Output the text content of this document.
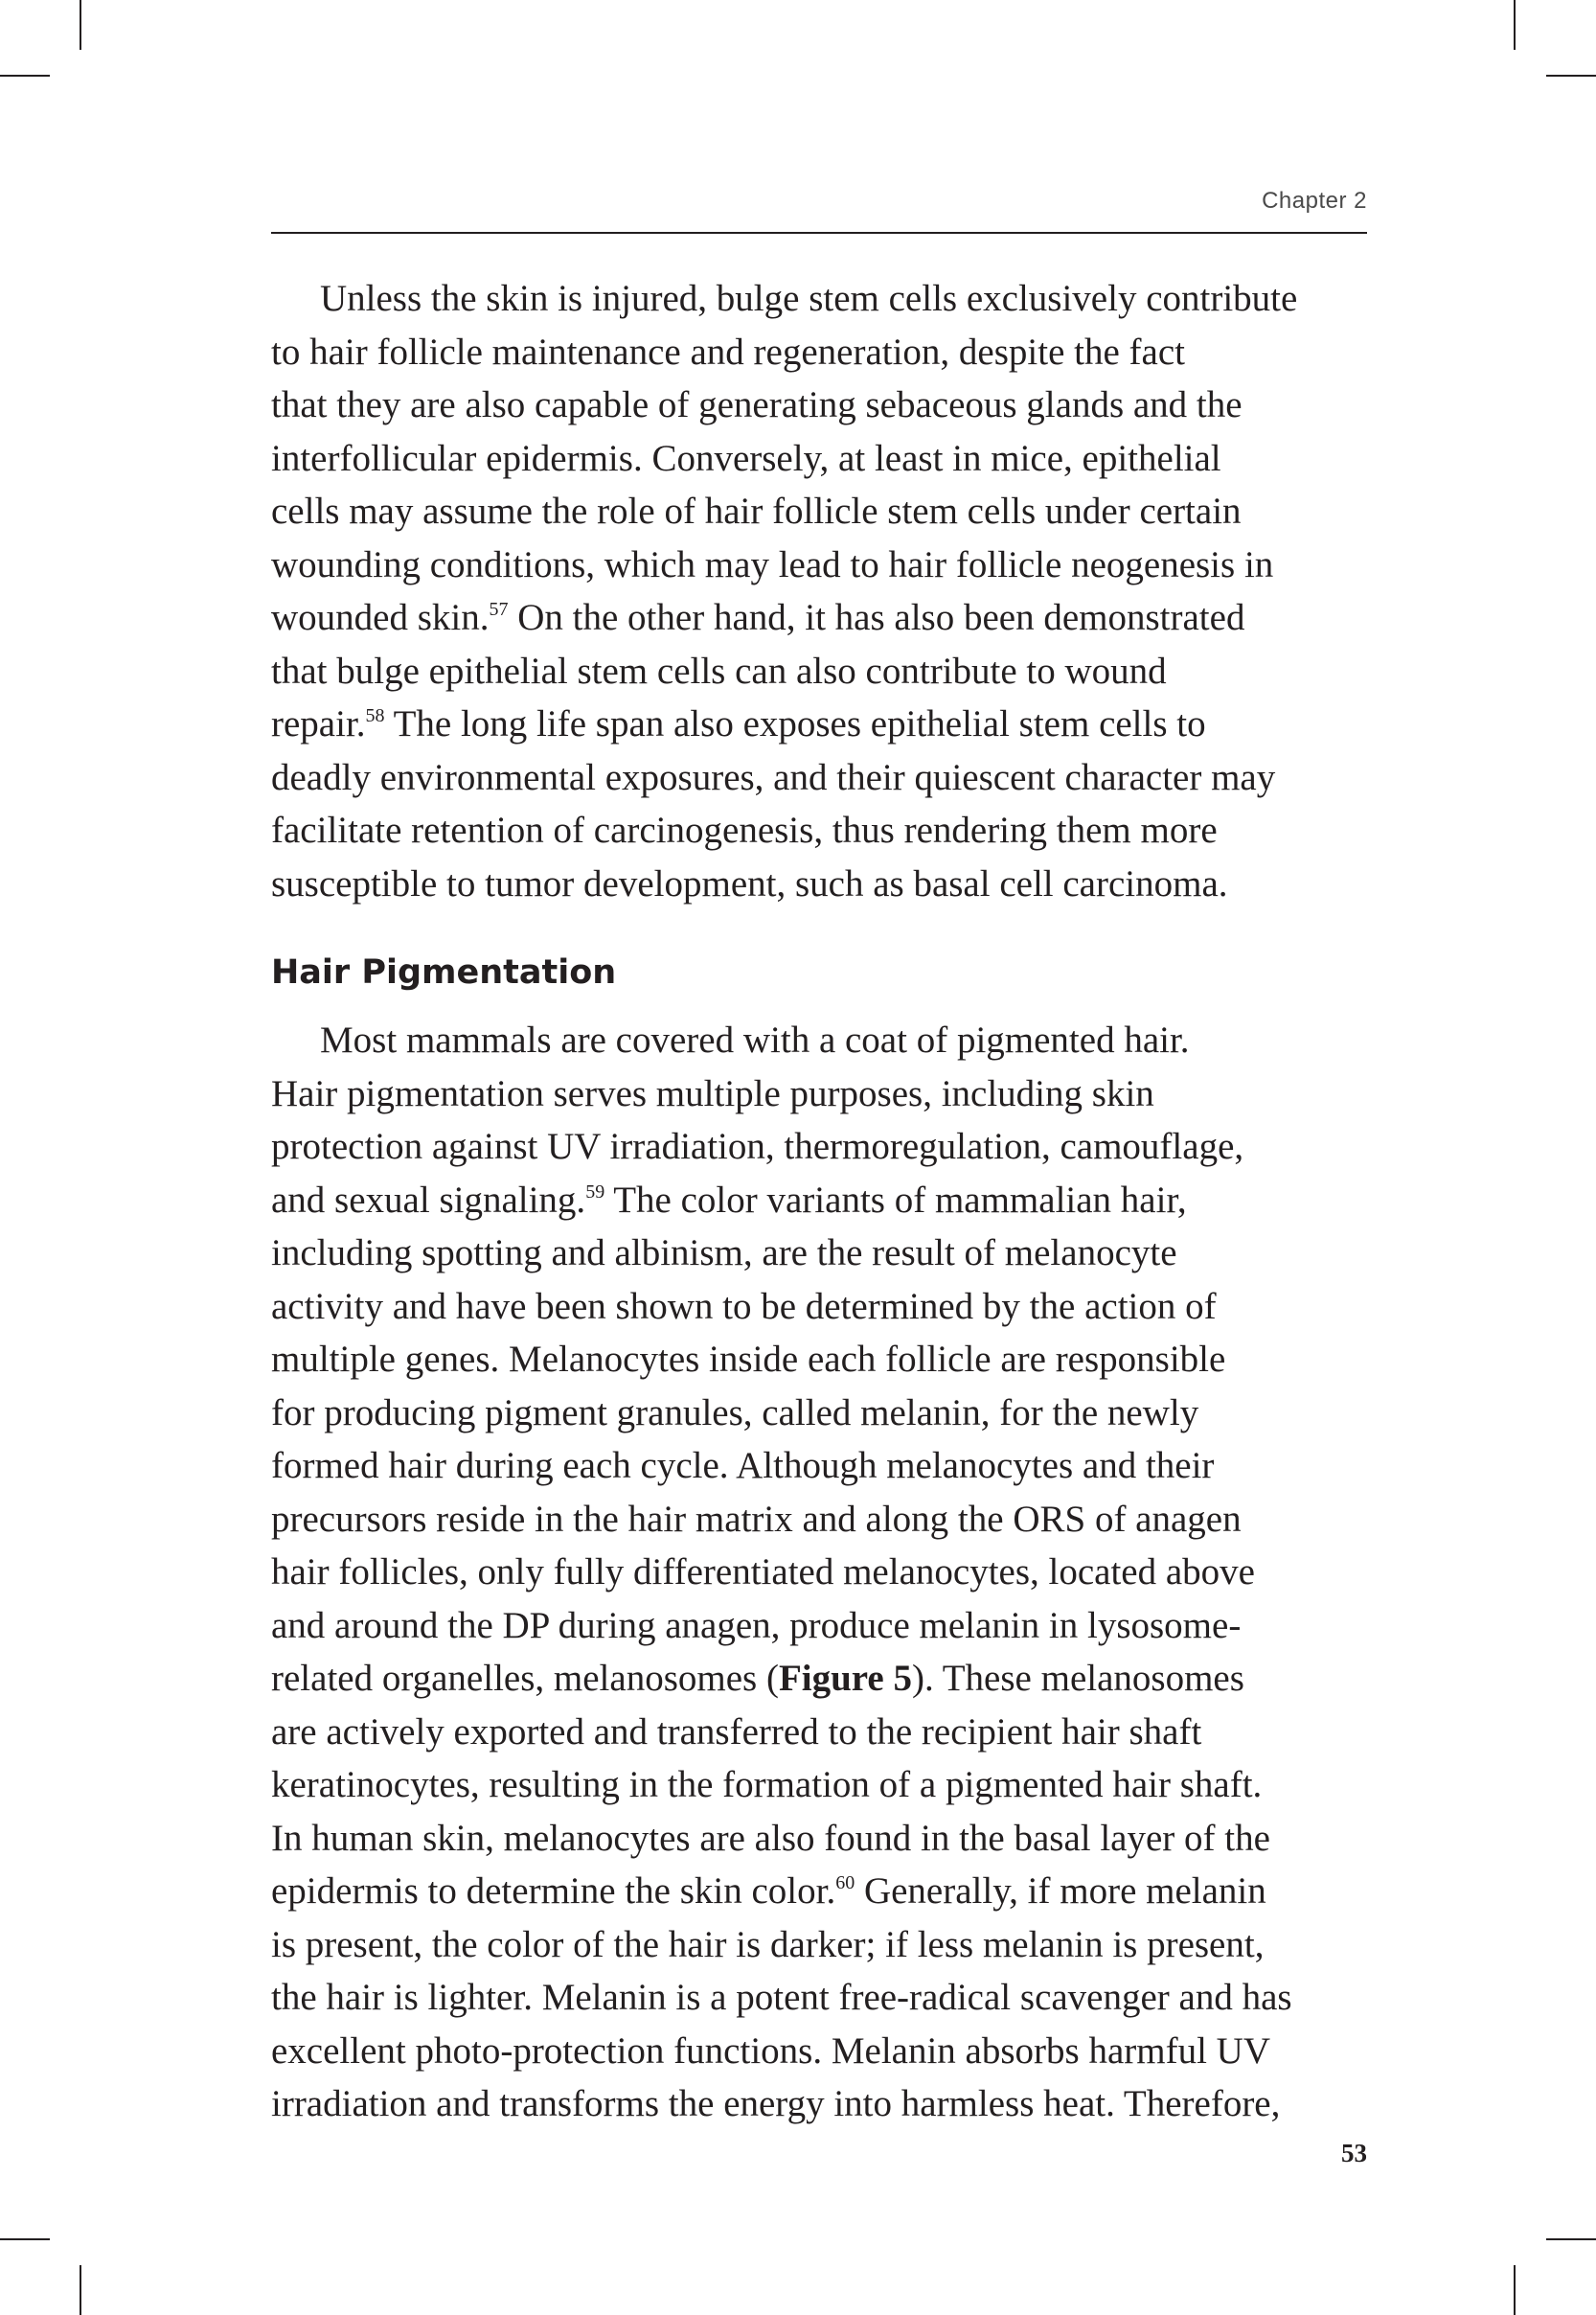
Chapter 2
Unless the skin is injured, bulge stem cells exclusively contribute
to hair follicle maintenance and regeneration, despite the fact
that they are also capable of generating sebaceous glands and the
interfollicular epidermis. Conversely, at least in mice, epithelial
cells may assume the role of hair follicle stem cells under certain
wounding conditions, which may lead to hair follicle neogenesis in
wounded skin.$^{57}$ On the other hand, it has also been demonstrated
that bulge epithelial stem cells can also contribute to wound
repair.$^{58}$ The long life span also exposes epithelial stem cells to
deadly environmental exposures, and their quiescent character may
facilitate retention of carcinogenesis, thus rendering them more
susceptible to tumor development, such as basal cell carcinoma.
Hair Pigmentation
Most mammals are covered with a coat of pigmented hair.
Hair pigmentation serves multiple purposes, including skin
protection against UV irradiation, thermoregulation, camouflage,
and sexual signaling.$^{59}$ The color variants of mammalian hair,
including spotting and albinism, are the result of melanocyte
activity and have been shown to be determined by the action of
multiple genes. Melanocytes inside each follicle are responsible
for producing pigment granules, called melanin, for the newly
formed hair during each cycle. Although melanocytes and their
precursors reside in the hair matrix and along the ORS of anagen
hair follicles, only fully differentiated melanocytes, located above
and around the DP during anagen, produce melanin in lysosome-
related organelles, melanosomes (Figure 5). These melanosomes
are actively exported and transferred to the recipient hair shaft
keratinocytes, resulting in the formation of a pigmented hair shaft.
In human skin, melanocytes are also found in the basal layer of the
epidermis to determine the skin color.$^{60}$ Generally, if more melanin
is present, the color of the hair is darker; if less melanin is present,
the hair is lighter. Melanin is a potent free-radical scavenger and has
excellent photo-protection functions. Melanin absorbs harmful UV
irradiation and transforms the energy into harmless heat. Therefore,
53
